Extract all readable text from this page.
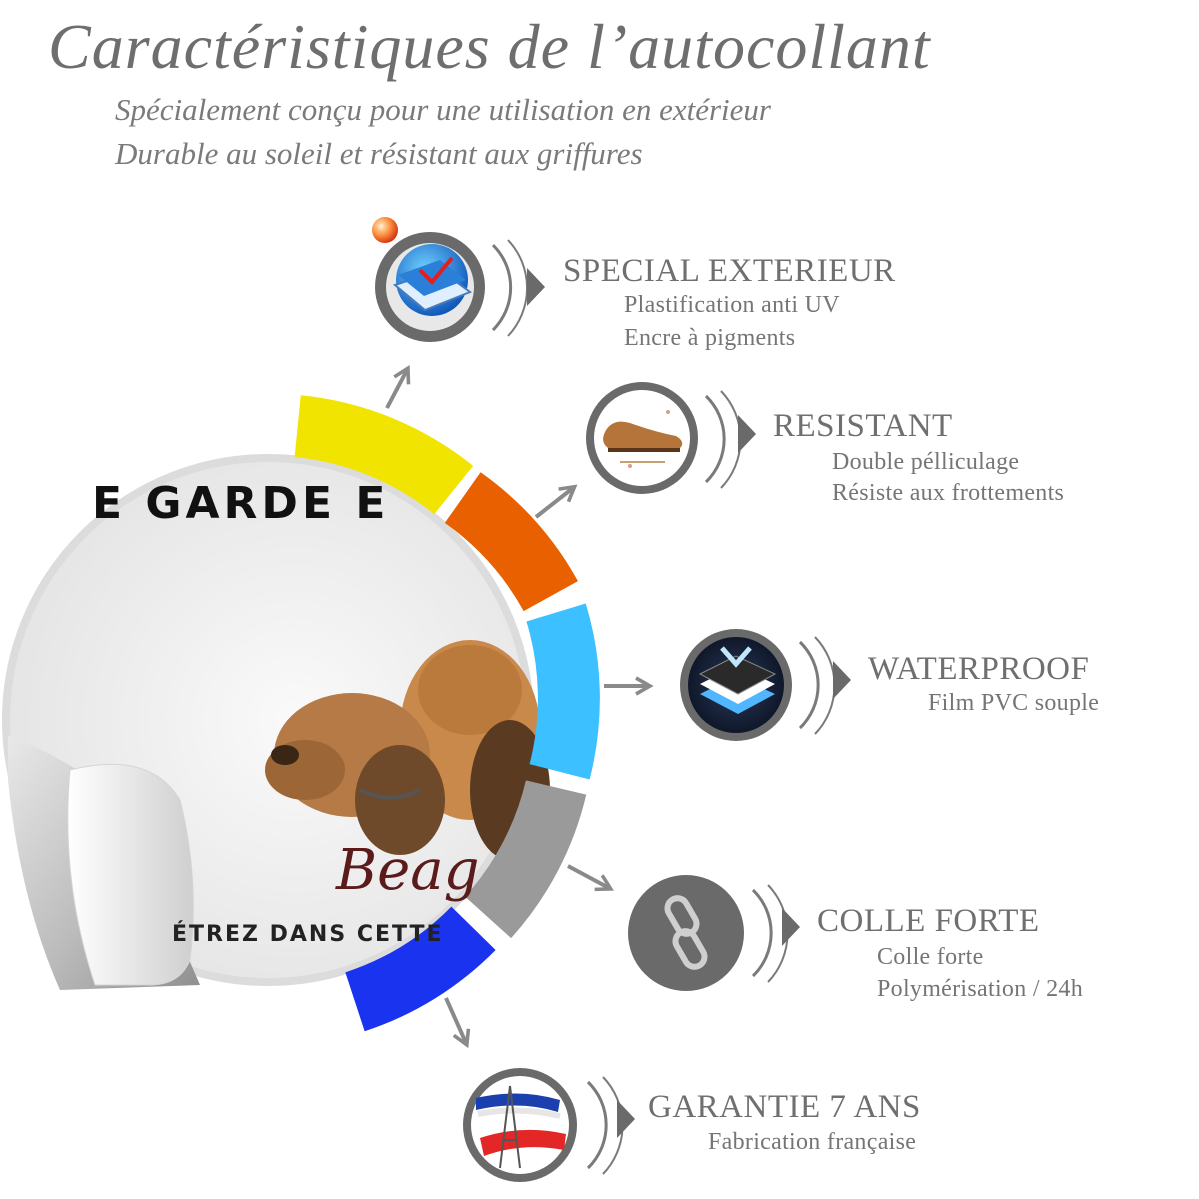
Caractéristiques de l’autocollant
Spécialement conçu pour une utilisation en extérieur
Durable au soleil et résistant aux griffures
E GARDE E
Beag
ÉTREZ DANS CETTE
SPECIAL EXTERIEUR
Plastification anti UV
Encre à pigments
RESISTANT
Double pélliculage
Résiste aux frottements
WATERPROOF
Film PVC souple
COLLE FORTE
Colle forte
Polymérisation / 24h
GARANTIE 7 ANS
Fabrication française
